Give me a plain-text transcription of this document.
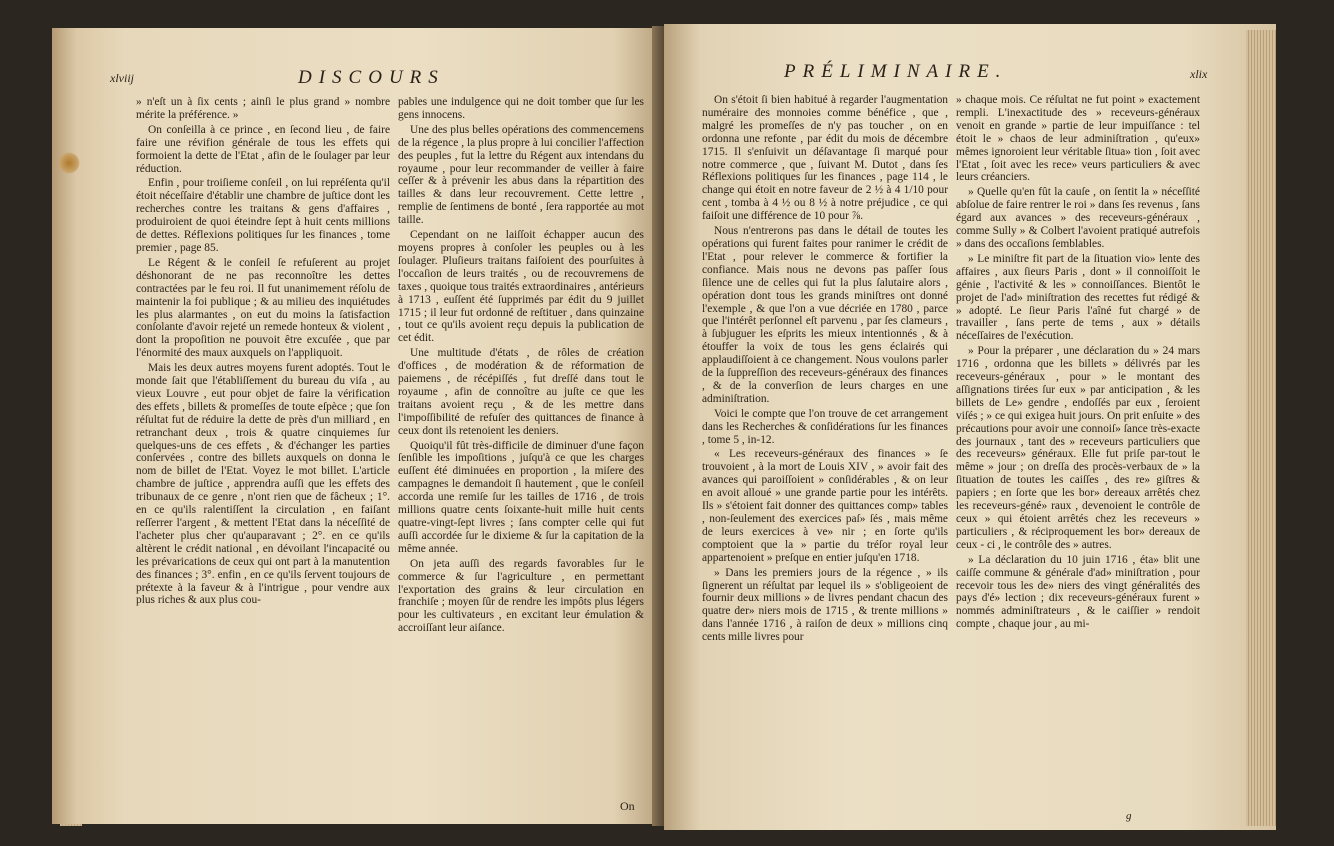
xlviij	DISCOURS

» n'eſt un à ſix cents ; ainſi le plus grand » nombre mérite la préférence. »

On conſeilla à ce prince , en ſecond lieu , de faire faire une révifion générale de tous les effets qui formoient la dette de l'Etat , afin de le ſoulager par leur réduction.

Enfin , pour troiſieme conſeil , on lui repréſenta qu'il étoit néceſſaire d'établir une chambre de juſtice dont les recherches contre les traitans & gens d'affaires , produiroient de quoi éteindre ſept à huit cents millions de dettes. Réflexions politiques ſur les finances , tome premier , page 85.

Le Régent & le conſeil ſe refuſerent au projet déshonorant de ne pas reconnoître les dettes contractées par le feu roi. Il fut unanimement réſolu de maintenir la foi publique ; & au milieu des inquiétudes les plus alarmantes , on eut du moins la ſatisfaction conſolante d'avoir rejeté un remede honteux & violent , dont la propoſition ne pouvoit être excuſée , que par l'énormité des maux auxquels on l'appliquoit.

Mais les deux autres moyens furent adoptés. Tout le monde ſait que l'établiſſement du bureau du viſa , au vieux Louvre , eut pour objet de faire la vérification des effets , billets & promeſſes de toute eſpèce ; que ſon réſultat fut de réduire la dette de près d'un milliard , en retranchant deux , trois & quatre cinquiemes ſur quelques-uns de ces effets , & d'échanger les parties conſervées , contre des billets auxquels on donna le nom de billet de l'Etat. Voyez le mot billet. L'article chambre de juſtice , apprendra auſſi que les effets des tribunaux de ce genre , n'ont rien que de fâcheux ; 1°. en ce qu'ils ralentiſſent la circulation , en faiſant reſſerrer l'argent , & mettent l'Etat dans la néceſſité de l'acheter plus cher qu'auparavant ; 2°. en ce qu'ils altèrent le crédit national , en dévoilant l'incapacité ou les prévarications de ceux qui ont part à la manutention des finances ; 3°. enfin , en ce qu'ils ſervent toujours de prétexte à la faveur & à l'intrigue , pour vendre aux plus riches & aux plus cou-

pables une indulgence qui ne doit tomber que ſur les gens innocens.

Une des plus belles opérations des commencemens de la régence , la plus propre à lui concilier l'affection des peuples , fut la lettre du Régent aux intendans du royaume , pour leur recommander de veiller à faire ceſſer & à prévenir les abus dans la répartition des tailles & dans leur recouvrement. Cette lettre , remplie de ſentimens de bonté , ſera rapportée au mot taille.

Cependant on ne laiſſoit échapper aucun des moyens propres à conſoler les peuples ou à les ſoulager. Pluſieurs traitans faiſoient des pourſuites à l'occaſion de leurs traités , ou de recouvremens de taxes , quoique tous traités extraordinaires , antérieurs à 1713 , euſſent été ſupprimés par édit du 9 juillet 1715 ; il leur fut ordonné de reſtituer , dans quinzaine , tout ce qu'ils avoient reçu depuis la publication de cet édit.

Une multitude d'états , de rôles de création d'offices , de modération & de réformation de paiemens , de récépiſſés , fut dreſſé dans tout le royaume , afin de connoître au juſte ce que les traitans avoient reçu , & de les mettre dans l'impoſſibilité de refuſer des quittances de finance à ceux dont ils retenoient les deniers.

Quoiqu'il fût très-difficile de diminuer d'une façon ſenſible les impoſitions , juſqu'à ce que les charges euſſent été diminuées en proportion , la miſere des campagnes le demandoit ſi hautement , que le conſeil accorda une remiſe ſur les tailles de 1716 , de trois millions quatre cents ſoixante-huit mille huit cents quatre-vingt-ſept livres ; ſans compter celle qui fut auſſi accordée ſur le dixieme & ſur la capitation de la même année.

On jeta auſſi des regards favorables ſur le commerce & ſur l'agriculture , en permettant l'exportation des grains & leur circulation en franchiſe ; moyen ſûr de rendre les impôts plus légers pour les cultivateurs , en excitant leur émulation & accroiſſant leur aiſance.

On
PRÉLIMINAIRE.	xlix

On s'étoit ſi bien habitué à regarder l'augmentation numéraire des monnoies comme bénéfice , que , malgré les promeſſes de n'y pas toucher , on en ordonna une refonte , par édit du mois de décembre 1715. Il s'enſuivit un déſavantage ſi marqué pour notre commerce , que , ſuivant M. Dutot , dans ſes Réflexions politiques ſur les finances , page 114 , le change qui étoit en notre faveur de 2 ½ à 4 1/10 pour cent , tomba à 4 ½ ou 8 ½ à notre préjudice , ce qui faiſoit une différence de 10 pour ⅞.

Nous n'entrerons pas dans le détail de toutes les opérations qui furent faites pour ranimer le crédit de l'Etat , pour relever le commerce & fortifier la confiance. Mais nous ne devons pas paſſer ſous ſilence une de celles qui fut la plus ſalutaire alors , opération dont tous les grands miniſtres ont donné l'exemple , & que l'on a vue décriée en 1780 , parce que l'intérêt perſonnel eſt parvenu , par ſes clameurs , à ſubjuguer les eſprits les mieux intentionnés , & à étouffer la voix de tous les gens éclairés qui applaudiſſoient à ce changement. Nous voulons parler de la ſuppreſſion des receveurs-généraux des finances , & de la converſion de leurs charges en une adminiſtration.

Voici le compte que l'on trouve de cet arrangement dans les Recherches & conſidérations ſur les finances , tome 5 , in-12.

« Les receveurs-généraux des finances » ſe trouvoient , à la mort de Louis XIV , » avoir fait des avances qui paroiſſoient » conſidérables , & on leur en avoit alloué » une grande partie pour les intérêts. Ils » s'étoient fait donner des quittances comp» tables , non-ſeulement des exercices paſ» ſés , mais même de leurs exercices à ve» nir ; en ſorte qu'ils comptoient que la » partie du tréſor royal leur appartenoient » preſque en entier juſqu'en 1718.

» Dans les premiers jours de la régence , » ils ſignerent un réſultat par lequel ils » s'obligeoient de fournir deux millions » de livres pendant chacun des quatre der» niers mois de 1715 , & trente millions » dans l'année 1716 , à raiſon de deux » millions cinq cents mille livres pour

» chaque mois. Ce réſultat ne fut point » exactement rempli. L'inexactitude des » receveurs-généraux venoit en grande » partie de leur impuiſſance : tel étoit le » chaos de leur adminiſtration , qu'eux» mêmes ignoroient leur véritable ſitua» tion , ſoit avec l'Etat , ſoit avec les rece» veurs particuliers & avec leurs créanciers.

» Quelle qu'en fût la cauſe , on ſentit la » néceſſité abſolue de faire rentrer le roi » dans ſes revenus , ſans égard aux avances » des receveurs-généraux , comme Sully » & Colbert l'avoient pratiqué autrefois » dans des occaſions ſemblables.

» Le miniſtre fit part de la ſituation vio» lente des affaires , aux ſieurs Paris , dont » il connoiſſoit le génie , l'activité & les » connoiſſances. Bientôt le projet de l'ad» miniſtration des recettes fut rédigé & » adopté. Le ſieur Paris l'aîné fut chargé » de travailler , ſans perte de tems , aux » détails néceſſaires de l'exécution.

» Pour la préparer , une déclaration du » 24 mars 1716 , ordonna que les billets » délivrés par les receveurs-généraux , pour » le montant des aſſignations tirées ſur eux » par anticipation , & les billets de Le» gendre , endoſſés par eux , ſeroient viſés ; » ce qui exigea huit jours. On prit enſuite » des précautions pour avoir une connoiſ» ſance très-exacte des journaux , tant des » receveurs particuliers que des receveurs» généraux. Elle fut priſe par-tout le même » jour ; on dreſſa des procès-verbaux de » la ſituation de toutes les caiſſes , des re» giſtres & papiers ; en ſorte que les bor» dereaux arrêtés chez les receveurs-géné» raux , devenoient le contrôle de ceux » qui étoient arrêtés chez les receveurs » particuliers , & réciproquement les bor» dereaux de ceux - ci , le contrôle des » autres.

» La déclaration du 10 juin 1716 , éta» blit une caiſſe commune & générale d'ad» miniſtration , pour recevoir tous les de» niers des vingt généralités des pays d'é» lection ; dix receveurs-généraux furent » nommés adminiſtrateurs , & le caiſſier » rendoit compte , chaque jour , au mi-

g
